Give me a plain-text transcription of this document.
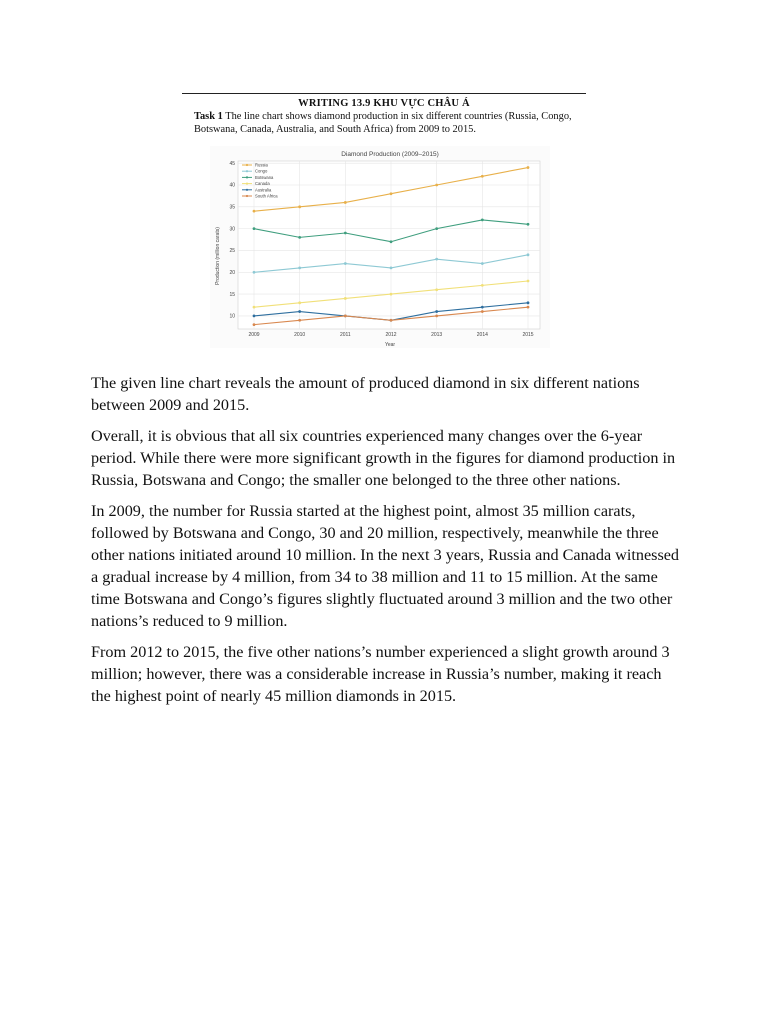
WRITING 13.9 KHU VỰC CHÂU Á
Task 1 The line chart shows diamond production in six different countries (Russia, Congo, Botswana, Canada, Australia, and South Africa) from 2009 to 2015.
Diamond Production (2009–2015)
Year
Production (million carats)
10
15
20
25
30
35
40
45
2009	2010	2011	2012	2013	2014	2015
Russia
Congo
Botswana
Canada
Australia
South Africa

The given line chart reveals the amount of produced diamond in six different nations between 2009 and 2015.

Overall, it is obvious that all six countries experienced many changes over the 6-year period. While there were more significant growth in the figures for diamond production in Russia, Botswana and Congo; the smaller one belonged to the three other nations.

In 2009, the number for Russia started at the highest point, almost 35 million carats, followed by Botswana and Congo, 30 and 20 million, respectively, meanwhile the three other nations initiated around 10 million. In the next 3 years, Russia and Canada witnessed a gradual increase by 4 million, from 34 to 38 million and 11 to 15 million. At the same time Botswana and Congo’s figures slightly fluctuated around 3 million and the two other nations’s reduced to 9 million.

From 2012 to 2015, the five other nations’s number experienced a slight growth around 3 million; however, there was a considerable increase in Russia’s number, making it reach the highest point of nearly 45 million diamonds in 2015.
